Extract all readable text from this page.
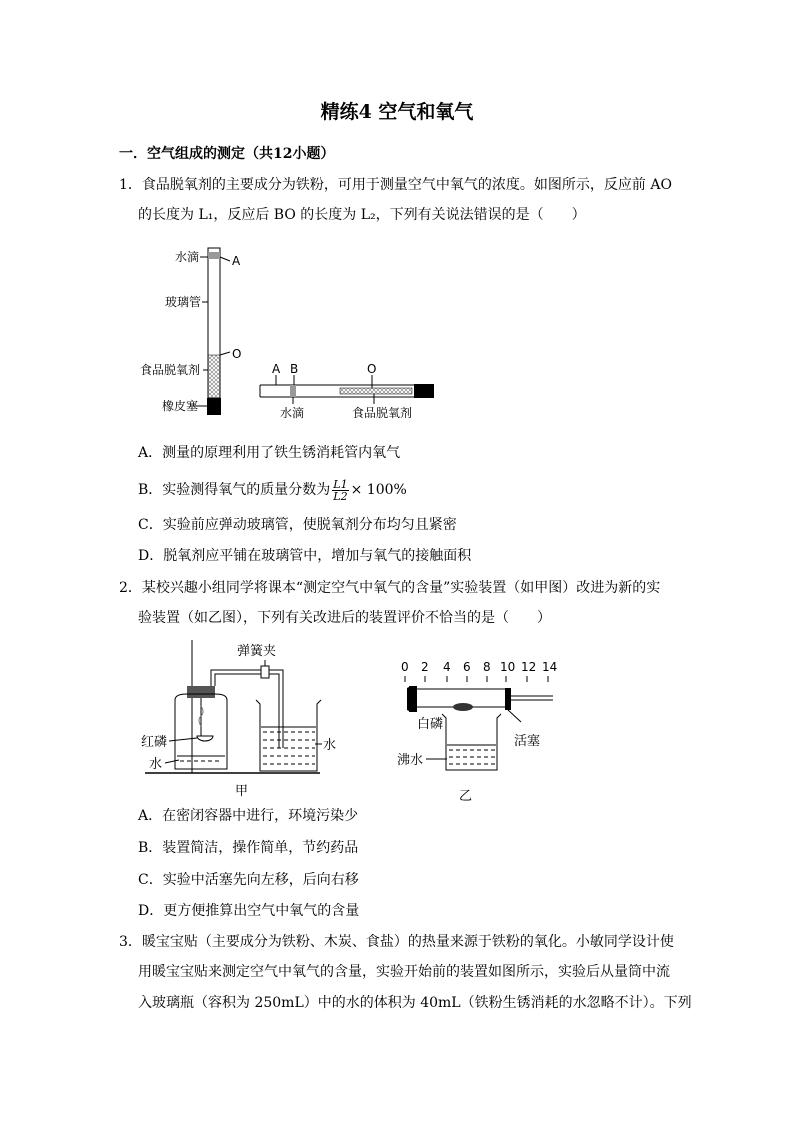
精练4 空气和氧气
一．空气组成的测定（共12小题）
1．食品脱氧剂的主要成分为铁粉，可用于测量空气中氧气的浓度。如图所示，反应前 AO
的长度为 L₁，反应后 BO 的长度为 L₂，下列有关说法错误的是（　　）
水滴	A
玻璃管
O
食品脱氧剂
橡皮塞
A B	O
水滴	食品脱氧剂
A．测量的原理利用了铁生锈消耗管内氧气
B．实验测得氧气的质量分数为 $\frac{L1}{L2} \times 100\%$
C．实验前应弹动玻璃管，使脱氧剂分布均匀且紧密
D．脱氧剂应平铺在玻璃管中，增加与氧气的接触面积
2．某校兴趣小组同学将课本“测定空气中氧气的含量”实验装置（如甲图）改进为新的实
验装置（如乙图），下列有关改进后的装置评价不恰当的是（　　）
弹簧夹
红磷
水
水
甲
0 2 4 6 8 10 12 14
白磷
沸水
活塞
乙
A．在密闭容器中进行，环境污染少
B．装置简洁，操作简单，节约药品
C．实验中活塞先向左移，后向右移
D．更方便推算出空气中氧气的含量
3．暖宝宝贴（主要成分为铁粉、木炭、食盐）的热量来源于铁粉的氧化。小敏同学设计使
用暖宝宝贴来测定空气中氧气的含量，实验开始前的装置如图所示，实验后从量筒中流
入玻璃瓶（容积为 250mL）中的水的体积为 40mL（铁粉生锈消耗的水忽略不计）。下列
